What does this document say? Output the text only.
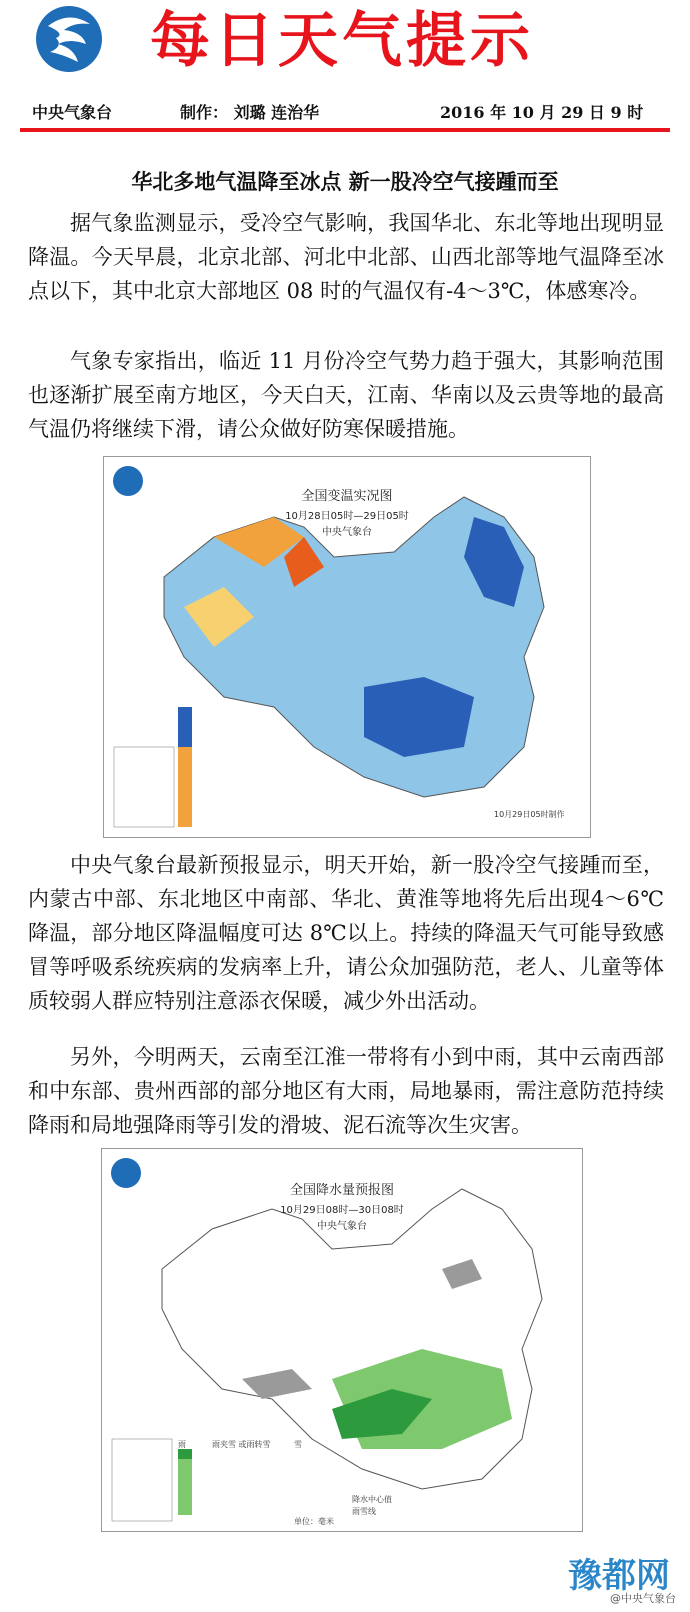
每日天气提示
中央气象台	制作： 刘璐 连治华	2016 年 10 月 29 日 9 时
华北多地气温降至冰点 新一股冷空气接踵而至
据气象监测显示，受冷空气影响，我国华北、东北等地出现明显降温。今天早晨，北京北部、河北中北部、山西北部等地气温降至冰点以下，其中北京大部地区 08 时的气温仅有-4～3℃，体感寒冷。
气象专家指出，临近 11 月份冷空气势力趋于强大，其影响范围也逐渐扩展至南方地区，今天白天，江南、华南以及云贵等地的最高气温仍将继续下滑，请公众做好防寒保暖措施。
全国变温实况图
10月28日05时—29日05时
中央气象台
10月29日05时制作
中央气象台最新预报显示，明天开始，新一股冷空气接踵而至，内蒙古中部、东北地区中南部、华北、黄淮等地将先后出现4～6℃降温，部分地区降温幅度可达 8℃以上。持续的降温天气可能导致感冒等呼吸系统疾病的发病率上升，请公众加强防范，老人、儿童等体质较弱人群应特别注意添衣保暖，减少外出活动。
另外，今明两天，云南至江淮一带将有小到中雨，其中云南西部和中东部、贵州西部的部分地区有大雨，局地暴雨，需注意防范持续降雨和局地强降雨等引发的滑坡、泥石流等次生灾害。
全国降水量预报图
10月29日08时—30日08时
中央气象台
雨	雨夹雪 或雨转雪	雪
降水中心值
雨雪线
单位：毫米
豫都网
@中央气象台
